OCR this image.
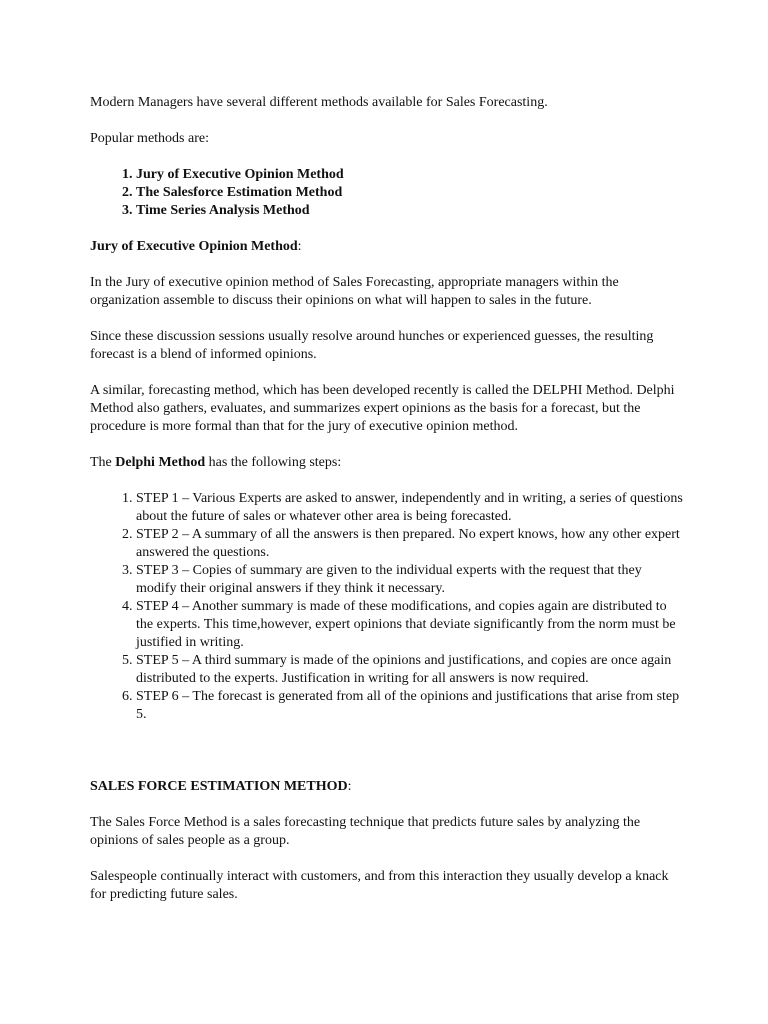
Modern Managers have several different methods available for Sales Forecasting.

Popular methods are:

1. Jury of Executive Opinion Method
2. The Salesforce Estimation Method
3. Time Series Analysis Method

Jury of Executive Opinion Method:

In the Jury of executive opinion method of Sales Forecasting, appropriate managers within the organization assemble to discuss their opinions on what will happen to sales in the future.

Since these discussion sessions usually resolve around hunches or experienced guesses, the resulting forecast is a blend of informed opinions.

A similar, forecasting method, which has been developed recently is called the DELPHI Method. Delphi Method also gathers, evaluates, and summarizes expert opinions as the basis for a forecast, but the procedure is more formal than that for the jury of executive opinion method.

The Delphi Method has the following steps:

1. STEP 1 – Various Experts are asked to answer, independently and in writing, a series of questions about the future of sales or whatever other area is being forecasted.
2. STEP 2 – A summary of all the answers is then prepared. No expert knows, how any other expert answered the questions.
3. STEP 3 – Copies of summary are given to the individual experts with the request that they modify their original answers if they think it necessary.
4. STEP 4 – Another summary is made of these modifications, and copies again are distributed to the experts. This time,however, expert opinions that deviate significantly from the norm must be justified in writing.
5. STEP 5 – A third summary is made of the opinions and justifications, and copies are once again distributed to the experts. Justification in writing for all answers is now required.
6. STEP 6 – The forecast is generated from all of the opinions and justifications that arise from step 5.

SALES FORCE ESTIMATION METHOD:

The Sales Force Method is a sales forecasting technique that predicts future sales by analyzing the opinions of sales people as a group.

Salespeople continually interact with customers, and from this interaction they usually develop a knack for predicting future sales.
